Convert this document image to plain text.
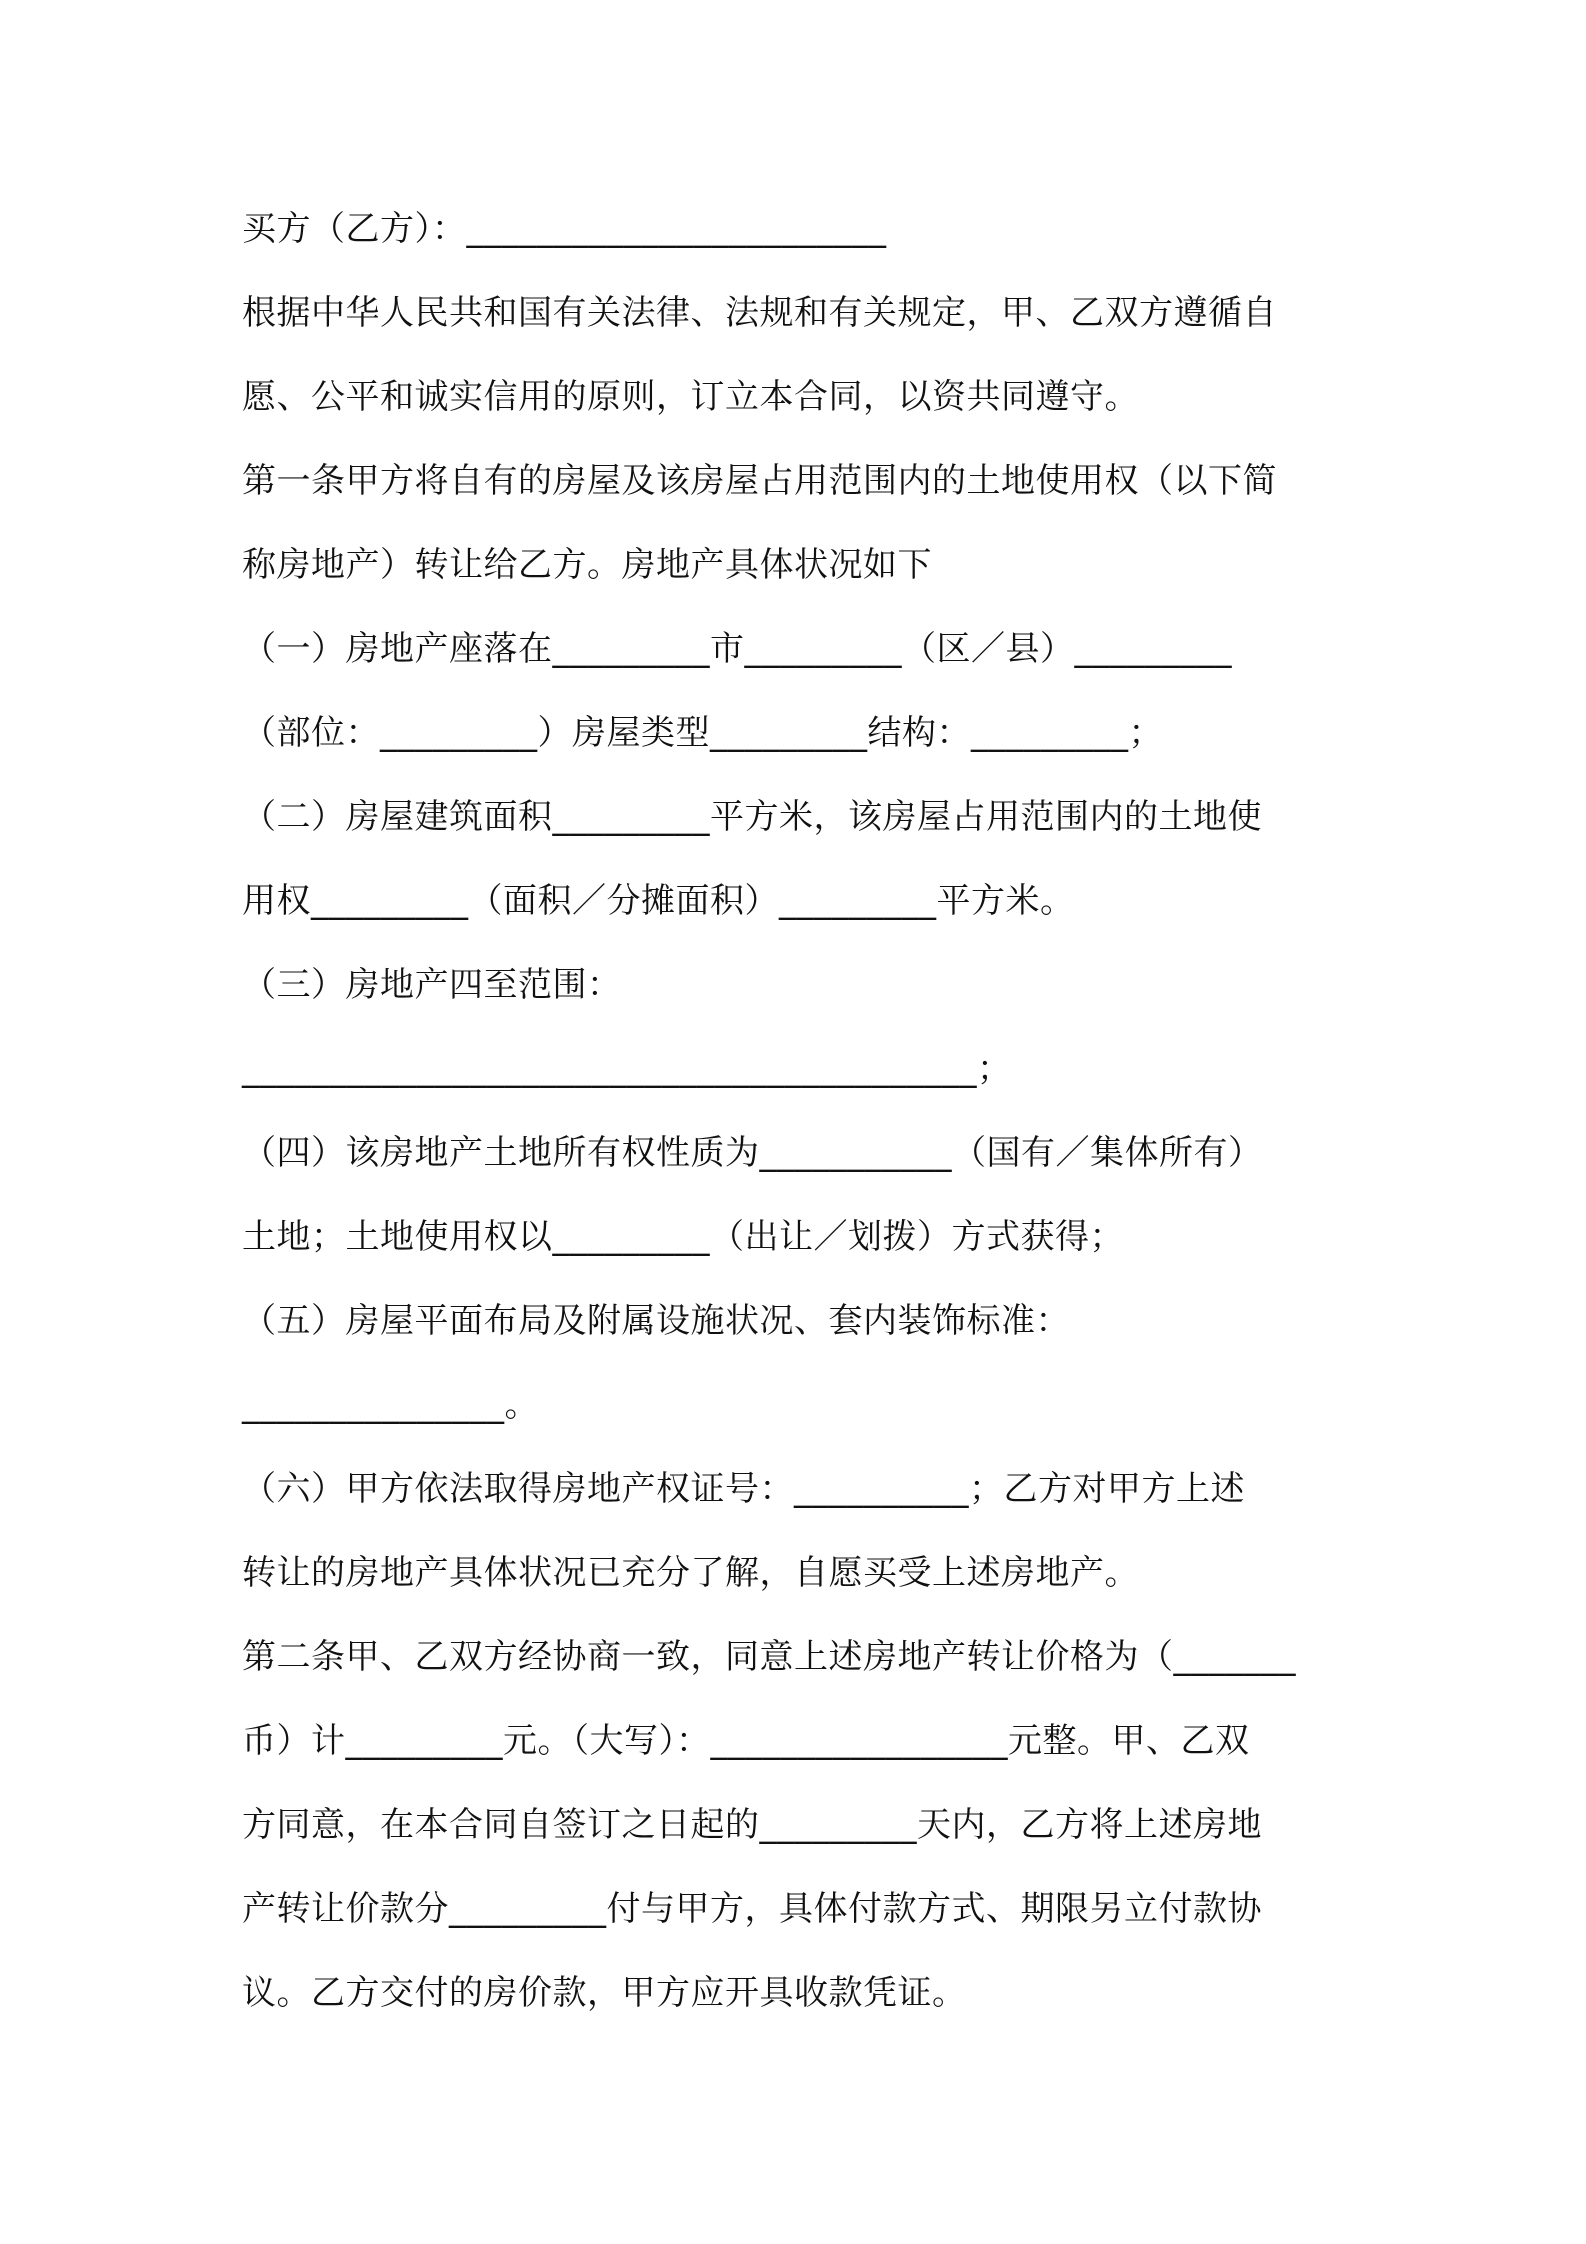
买方（乙方）：________________________
根据中华人民共和国有关法律、法规和有关规定，甲、乙双方遵循自
愿、公平和诚实信用的原则，订立本合同，以资共同遵守。
第一条甲方将自有的房屋及该房屋占用范围内的土地使用权（以下简
称房地产）转让给乙方。房地产具体状况如下
（一）房地产座落在_________市_________（区／县）_________
（部位：_________）房屋类型_________结构：_________；
（二）房屋建筑面积_________平方米，该房屋占用范围内的土地使
用权_________（面积／分摊面积）_________平方米。
（三）房地产四至范围：
__________________________________________；
（四）该房地产土地所有权性质为___________（国有／集体所有）
土地；土地使用权以_________（出让／划拨）方式获得；
（五）房屋平面布局及附属设施状况、套内装饰标准：
_______________。
（六）甲方依法取得房地产权证号：__________；乙方对甲方上述
转让的房地产具体状况已充分了解，自愿买受上述房地产。
第二条甲、乙双方经协商一致，同意上述房地产转让价格为（_______
币）计_________元。（大写）：_________________元整。甲、乙双
方同意，在本合同自签订之日起的_________天内，乙方将上述房地
产转让价款分_________付与甲方，具体付款方式、期限另立付款协
议。乙方交付的房价款，甲方应开具收款凭证。
